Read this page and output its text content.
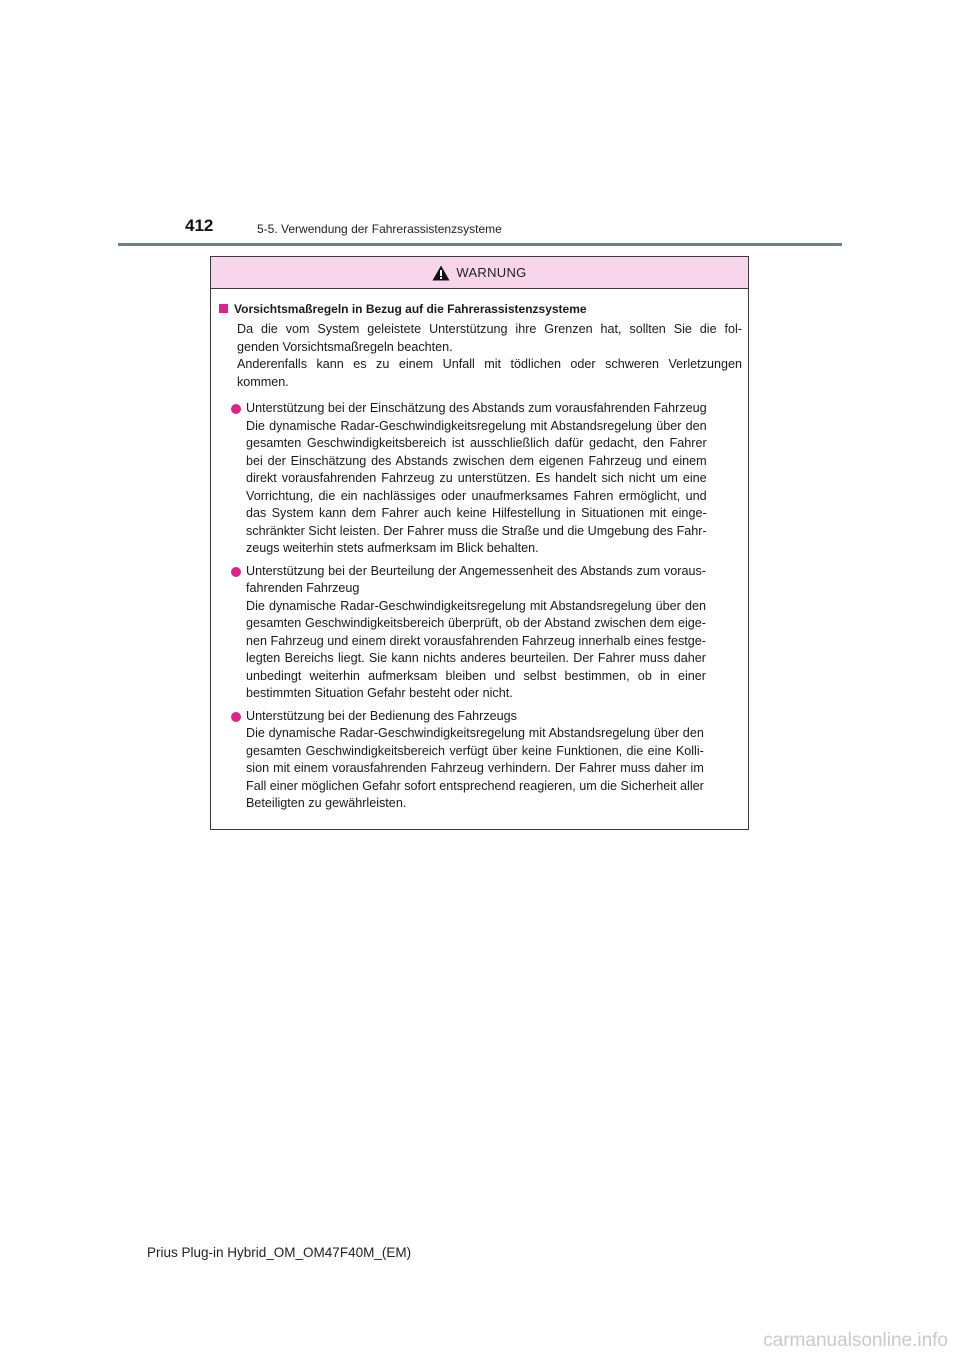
412	5-5. Verwendung der Fahrerassistenzsysteme
WARNUNG
Vorsichtsmaßregeln in Bezug auf die Fahrerassistenzsysteme
Da die vom System geleistete Unterstützung ihre Grenzen hat, sollten Sie die fol-
genden Vorsichtsmaßregeln beachten.
Anderenfalls kann es zu einem Unfall mit tödlichen oder schweren Verletzungen
kommen.
Unterstützung bei der Einschätzung des Abstands zum vorausfahrenden Fahrzeug
Die dynamische Radar-Geschwindigkeitsregelung mit Abstandsregelung über den
gesamten Geschwindigkeitsbereich ist ausschließlich dafür gedacht, den Fahrer
bei der Einschätzung des Abstands zwischen dem eigenen Fahrzeug und einem
direkt vorausfahrenden Fahrzeug zu unterstützen. Es handelt sich nicht um eine
Vorrichtung, die ein nachlässiges oder unaufmerksames Fahren ermöglicht, und
das System kann dem Fahrer auch keine Hilfestellung in Situationen mit einge-
schränkter Sicht leisten. Der Fahrer muss die Straße und die Umgebung des Fahr-
zeugs weiterhin stets aufmerksam im Blick behalten.
Unterstützung bei der Beurteilung der Angemessenheit des Abstands zum voraus-
fahrenden Fahrzeug
Die dynamische Radar-Geschwindigkeitsregelung mit Abstandsregelung über den
gesamten Geschwindigkeitsbereich überprüft, ob der Abstand zwischen dem eige-
nen Fahrzeug und einem direkt vorausfahrenden Fahrzeug innerhalb eines festge-
legten Bereichs liegt. Sie kann nichts anderes beurteilen. Der Fahrer muss daher
unbedingt weiterhin aufmerksam bleiben und selbst bestimmen, ob in einer
bestimmten Situation Gefahr besteht oder nicht.
Unterstützung bei der Bedienung des Fahrzeugs
Die dynamische Radar-Geschwindigkeitsregelung mit Abstandsregelung über den
gesamten Geschwindigkeitsbereich verfügt über keine Funktionen, die eine Kolli-
sion mit einem vorausfahrenden Fahrzeug verhindern. Der Fahrer muss daher im
Fall einer möglichen Gefahr sofort entsprechend reagieren, um die Sicherheit aller
Beteiligten zu gewährleisten.
Prius Plug-in Hybrid_OM_OM47F40M_(EM)
carmanualsonline.info
